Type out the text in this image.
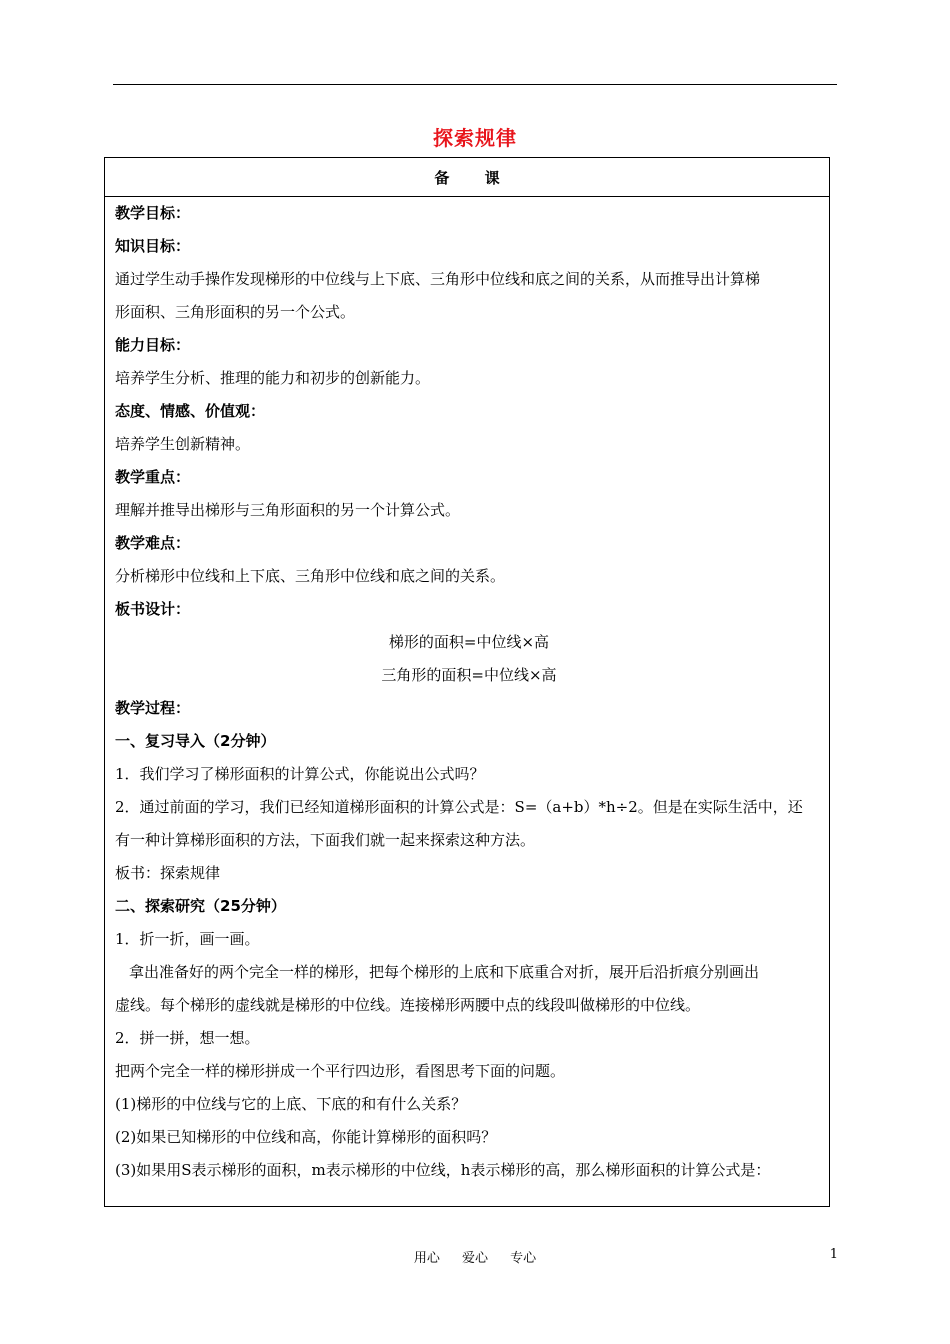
探索规律
备 课
教学目标：
知识目标：
通过学生动手操作发现梯形的中位线与上下底、三角形中位线和底之间的关系，从而推导出计算梯
形面积、三角形面积的另一个公式。
能力目标：
培养学生分析、推理的能力和初步的创新能力。
态度、情感、价值观：
培养学生创新精神。
教学重点：
理解并推导出梯形与三角形面积的另一个计算公式。
教学难点：
分析梯形中位线和上下底、三角形中位线和底之间的关系。
板书设计：
梯形的面积=中位线×高
三角形的面积=中位线×高
教学过程：
一、复习导入（2分钟）
1．我们学习了梯形面积的计算公式，你能说出公式吗？
2．通过前面的学习，我们已经知道梯形面积的计算公式是：S=（a+b）*h÷2。但是在实际生活中，还
有一种计算梯形面积的方法，下面我们就一起来探索这种方法。
板书：探索规律
二、探索研究（25分钟）
1．折一折，画一画。
拿出准备好的两个完全一样的梯形，把每个梯形的上底和下底重合对折，展开后沿折痕分别画出
虚线。每个梯形的虚线就是梯形的中位线。连接梯形两腰中点的线段叫做梯形的中位线。
2．拼一拼，想一想。
把两个完全一样的梯形拼成一个平行四边形，看图思考下面的问题。
(1)梯形的中位线与它的上底、下底的和有什么关系？
(2)如果已知梯形的中位线和高，你能计算梯形的面积吗？
(3)如果用S表示梯形的面积，m表示梯形的中位线，h表示梯形的高，那么梯形面积的计算公式是：
用心 爱心 专心	1
